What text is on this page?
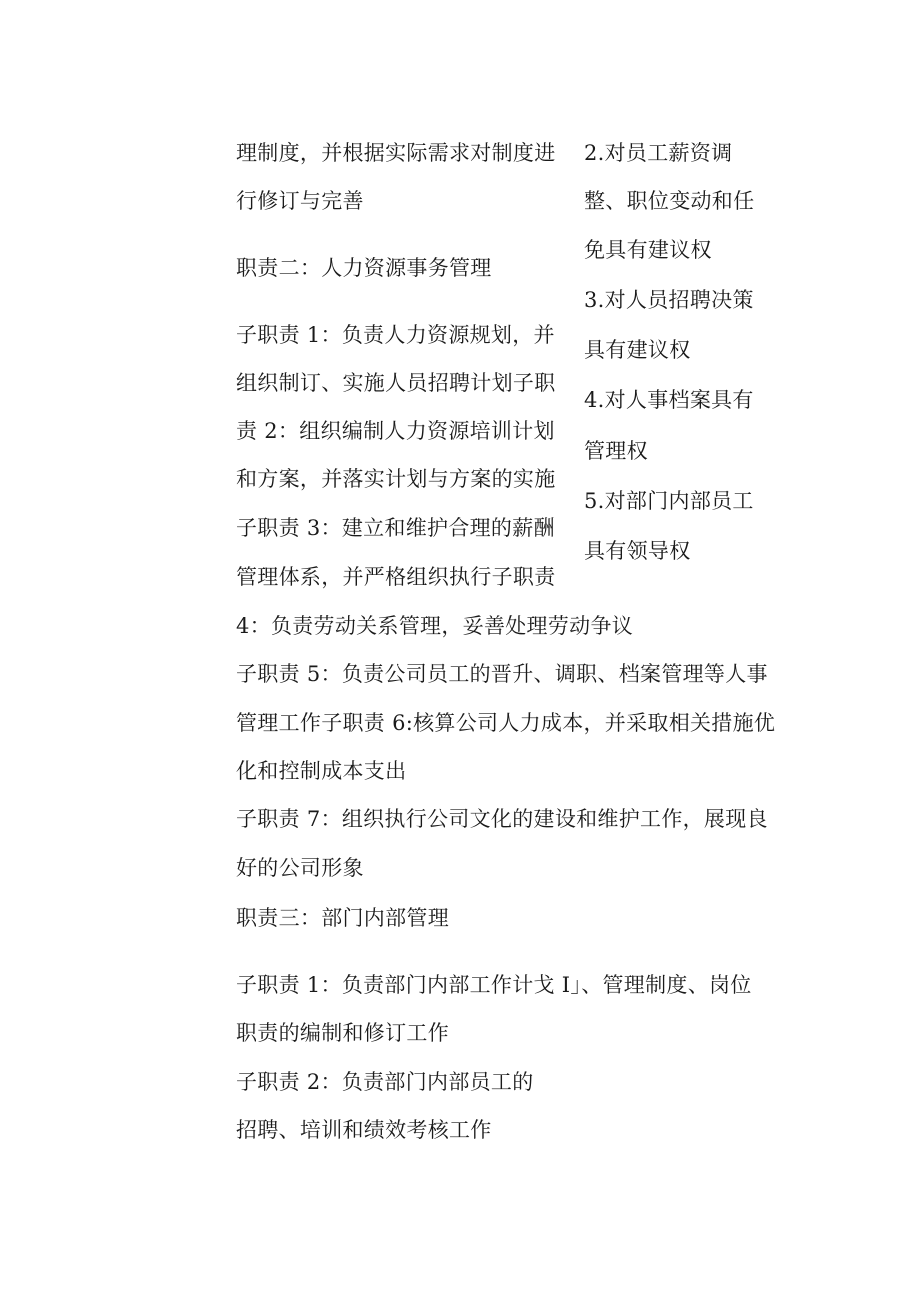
理制度，并根据实际需求对制度进
行修订与完善
职责二：人力资源事务管理
子职责 1：负责人力资源规划，并
组织制订、实施人员招聘计划子职
责 2：组织编制人力资源培训计划
和方案，并落实计划与方案的实施
子职责 3：建立和维护合理的薪酬
管理体系，并严格组织执行子职责
2.对员工薪资调
整、职位变动和任
免具有建议权
3.对人员招聘决策
具有建议权
4.对人事档案具有
管理权
5.对部门内部员工
具有领导权
4：负责劳动关系管理，妥善处理劳动争议
子职责 5：负责公司员工的晋升、调职、档案管理等人事
管理工作子职责 6:核算公司人力成本，并采取相关措施优
化和控制成本支出
子职责 7：组织执行公司文化的建设和维护工作，展现良
好的公司形象
职责三：部门内部管理
子职责 1：负责部门内部工作计戈 I」、管理制度、岗位
职责的编制和修订工作
子职责 2：负责部门内部员工的
招聘、培训和绩效考核工作
